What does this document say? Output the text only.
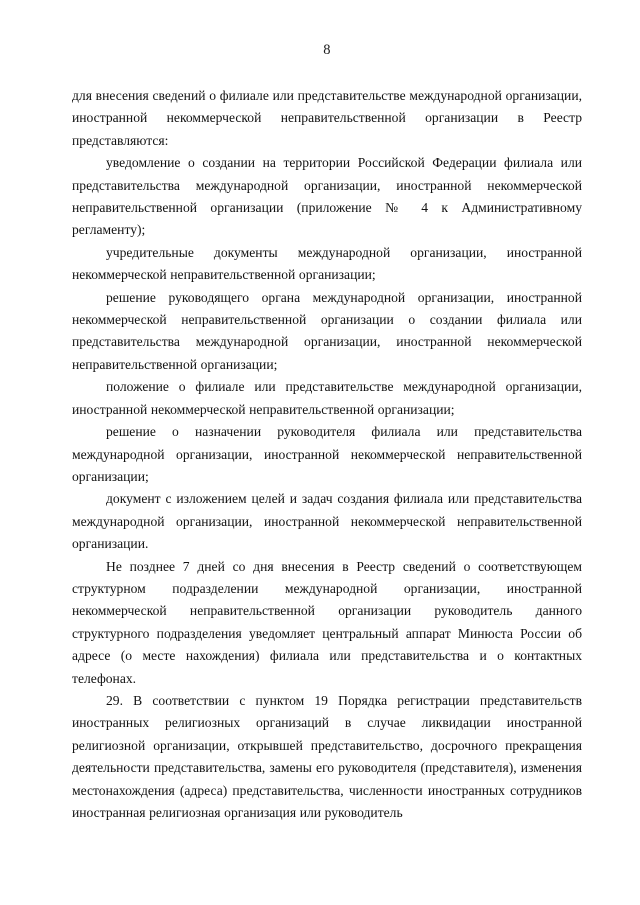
8

для внесения сведений о филиале или представительстве международной организации, иностранной некоммерческой неправительственной организации в Реестр представляются:

уведомление о создании на территории Российской Федерации филиала или представительства международной организации, иностранной некоммерческой неправительственной организации (приложение № 4 к Административному регламенту);

учредительные документы международной организации, иностранной некоммерческой неправительственной организации;

решение руководящего органа международной организации, иностранной некоммерческой неправительственной организации о создании филиала или представительства международной организации, иностранной некоммерческой неправительственной организации;

положение о филиале или представительстве международной организации, иностранной некоммерческой неправительственной организации;

решение о назначении руководителя филиала или представительства международной организации, иностранной некоммерческой неправительственной организации;

документ с изложением целей и задач создания филиала или представительства международной организации, иностранной некоммерческой неправительственной организации.

Не позднее 7 дней со дня внесения в Реестр сведений о соответствующем структурном подразделении международной организации, иностранной некоммерческой неправительственной организации руководитель данного структурного подразделения уведомляет центральный аппарат Минюста России об адресе (о месте нахождения) филиала или представительства и о контактных телефонах.

29. В соответствии с пунктом 19 Порядка регистрации представительств иностранных религиозных организаций в случае ликвидации иностранной религиозной организации, открывшей представительство, досрочного прекращения деятельности представительства, замены его руководителя (представителя), изменения местонахождения (адреса) представительства, численности иностранных сотрудников иностранная религиозная организация или руководитель
